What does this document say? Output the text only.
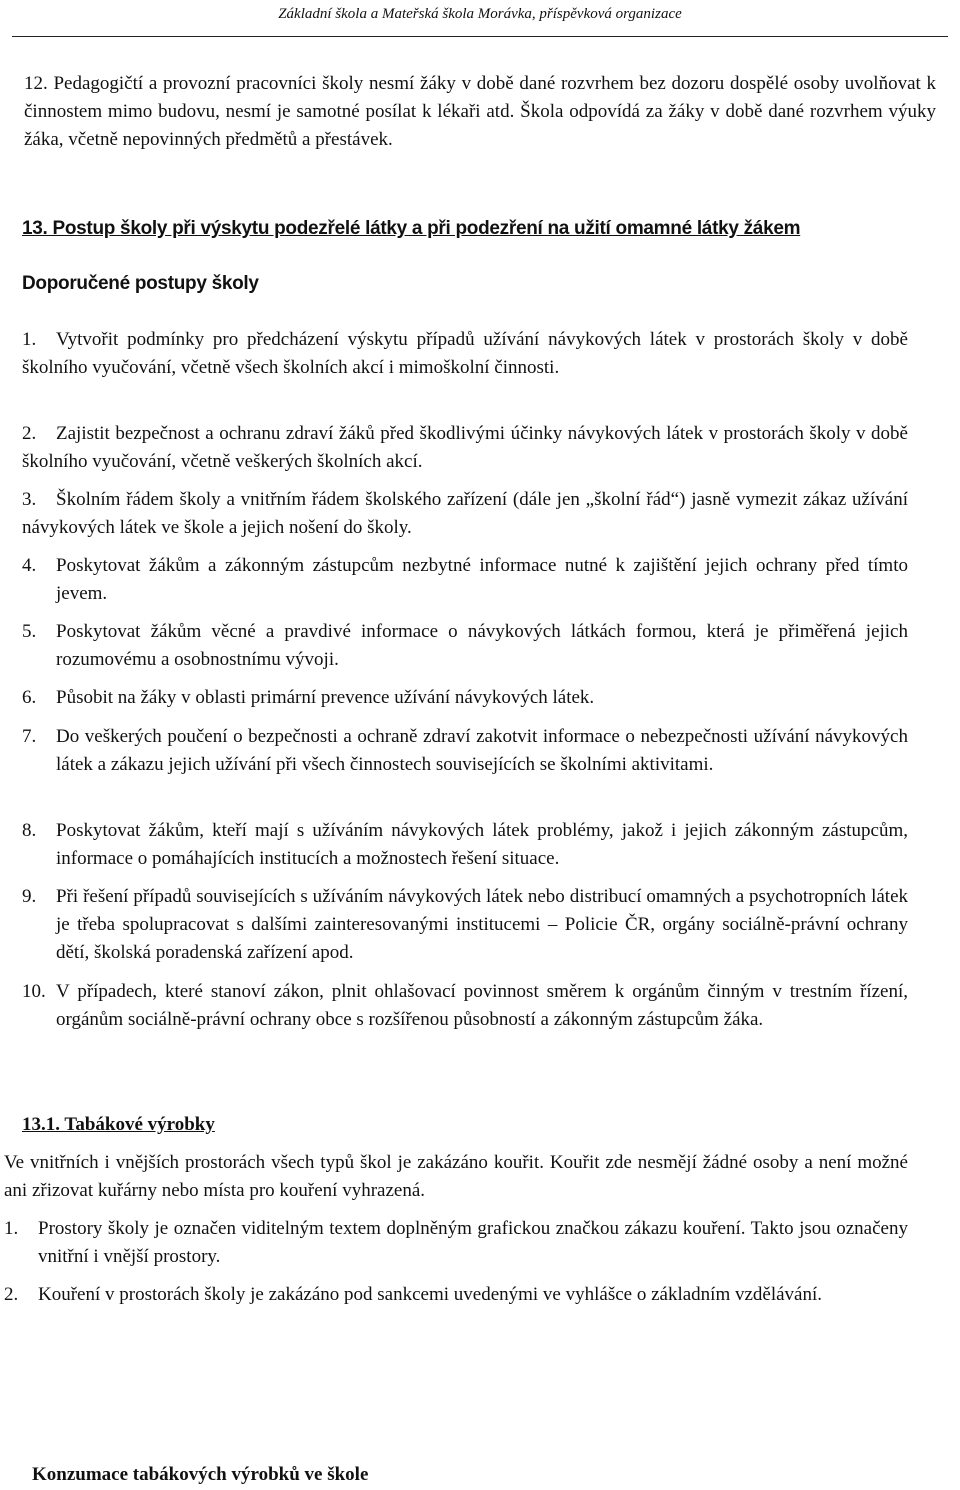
Základní škola a Mateřská škola Morávka, příspěvková organizace
12. Pedagogičtí a provozní pracovníci školy nesmí žáky v době dané rozvrhem bez dozoru dospělé osoby uvolňovat k činnostem mimo budovu, nesmí je samotné posílat k lékaři atd. Škola odpovídá za žáky v době dané rozvrhem výuky žáka, včetně nepovinných předmětů a přestávek.
13. Postup školy při výskytu podezřelé látky a při podezření na užití omamné látky žákem
Doporučené postupy školy
1.	Vytvořit podmínky pro předcházení výskytu případů užívání návykových látek v prostorách školy v době školního vyučování, včetně všech školních akcí i mimoškolní činnosti.
2.	Zajistit bezpečnost a ochranu zdraví žáků před škodlivými účinky návykových látek v prostorách školy v době školního vyučování, včetně veškerých školních akcí.
3.	Školním řádem školy a vnitřním řádem školského zařízení (dále jen „školní řád“) jasně vymezit zákaz užívání návykových látek ve škole a jejich nošení do školy.
4. Poskytovat žákům a zákonným zástupcům nezbytné informace nutné k zajištění jejich ochrany před tímto jevem.
5. Poskytovat žákům věcné a pravdivé informace o návykových látkách formou, která je přiměřená jejich rozumovému a osobnostnímu vývoji.
6. Působit na žáky v oblasti primární prevence užívání návykových látek.
7. Do veškerých poučení o bezpečnosti a ochraně zdraví zakotvit informace o nebezpečnosti užívání návykových látek a zákazu jejich užívání při všech činnostech souvisejících se školními aktivitami.
8. Poskytovat žákům, kteří mají s užíváním návykových látek problémy, jakož i jejich zákonným zástupcům, informace o pomáhajících institucích a možnostech řešení situace.
9. Při řešení případů souvisejících s užíváním návykových látek nebo distribucí omamných a psychotropních látek je třeba spolupracovat s dalšími zainteresovanými institucemi – Policie ČR, orgány sociálně-právní ochrany dětí, školská poradenská zařízení apod.
10. V případech, které stanoví zákon, plnit ohlašovací povinnost směrem k orgánům činným v trestním řízení, orgánům sociálně-právní ochrany obce s rozšířenou působností a zákonným zástupcům žáka.
13.1. Tabákové výrobky
Ve vnitřních i vnějších prostorách všech typů škol je zakázáno kouřit. Kouřit zde nesmějí žádné osoby a není možné ani zřizovat kuřárny nebo místa pro kouření vyhrazená.
1. Prostory školy je označen viditelným textem doplněným grafickou značkou zákazu kouření. Takto jsou označeny vnitřní i vnější prostory.
2. Kouření v prostorách školy je zakázáno pod sankcemi uvedenými ve vyhlášce o základním vzdělávání.
Konzumace tabákových výrobků ve škole
